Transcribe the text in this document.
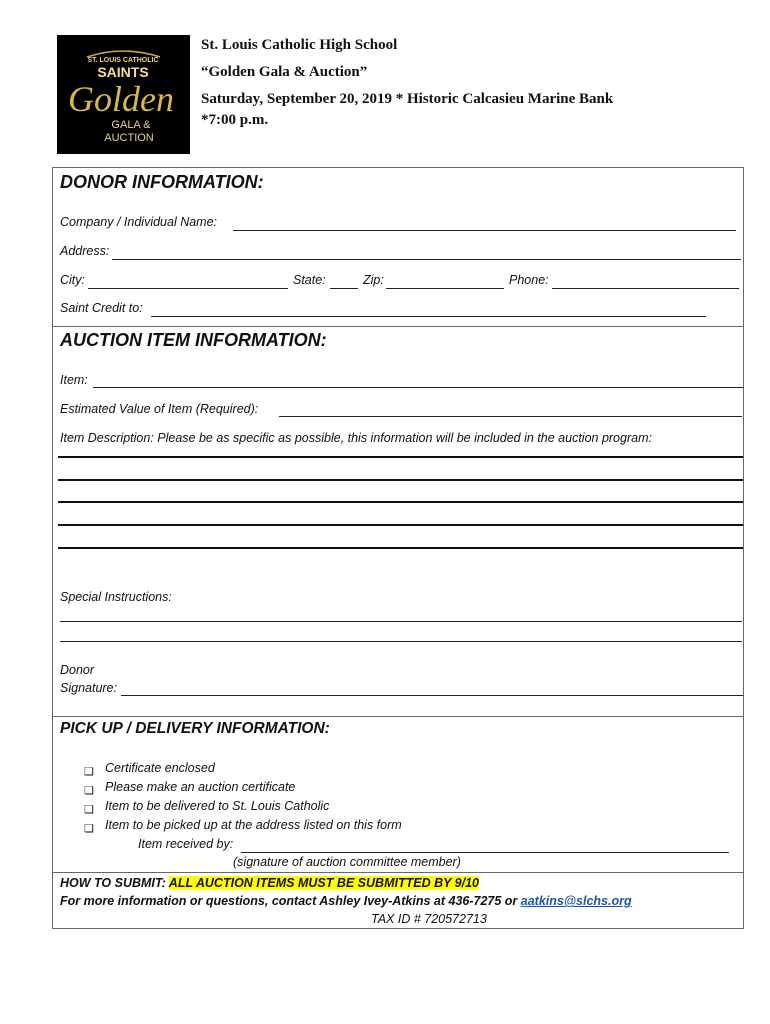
ST. LOUIS CATHOLIC
SAINTS
Golden
GALA &
AUCTION
St. Louis Catholic High School
“Golden Gala & Auction”
Saturday, September 20, 2019 * Historic Calcasieu Marine Bank
*7:00 p.m.
DONOR INFORMATION:
Company / Individual Name:
Address:
City:	State:	Zip:	Phone:
Saint Credit to:
AUCTION ITEM INFORMATION:
Item:
Estimated Value of Item (Required):
Item Description: Please be as specific as possible, this information will be included in the auction program:
Special Instructions:
Donor
Signature:
PICK UP / DELIVERY INFORMATION:
❏ Certificate enclosed
❏ Please make an auction certificate
❏ Item to be delivered to St. Louis Catholic
❏ Item to be picked up at the address listed on this form
Item received by:
(signature of auction committee member)
HOW TO SUBMIT: ALL AUCTION ITEMS MUST BE SUBMITTED BY 9/10
For more information or questions, contact Ashley Ivey-Atkins at 436-7275 or aatkins@slchs.org
TAX ID # 720572713
